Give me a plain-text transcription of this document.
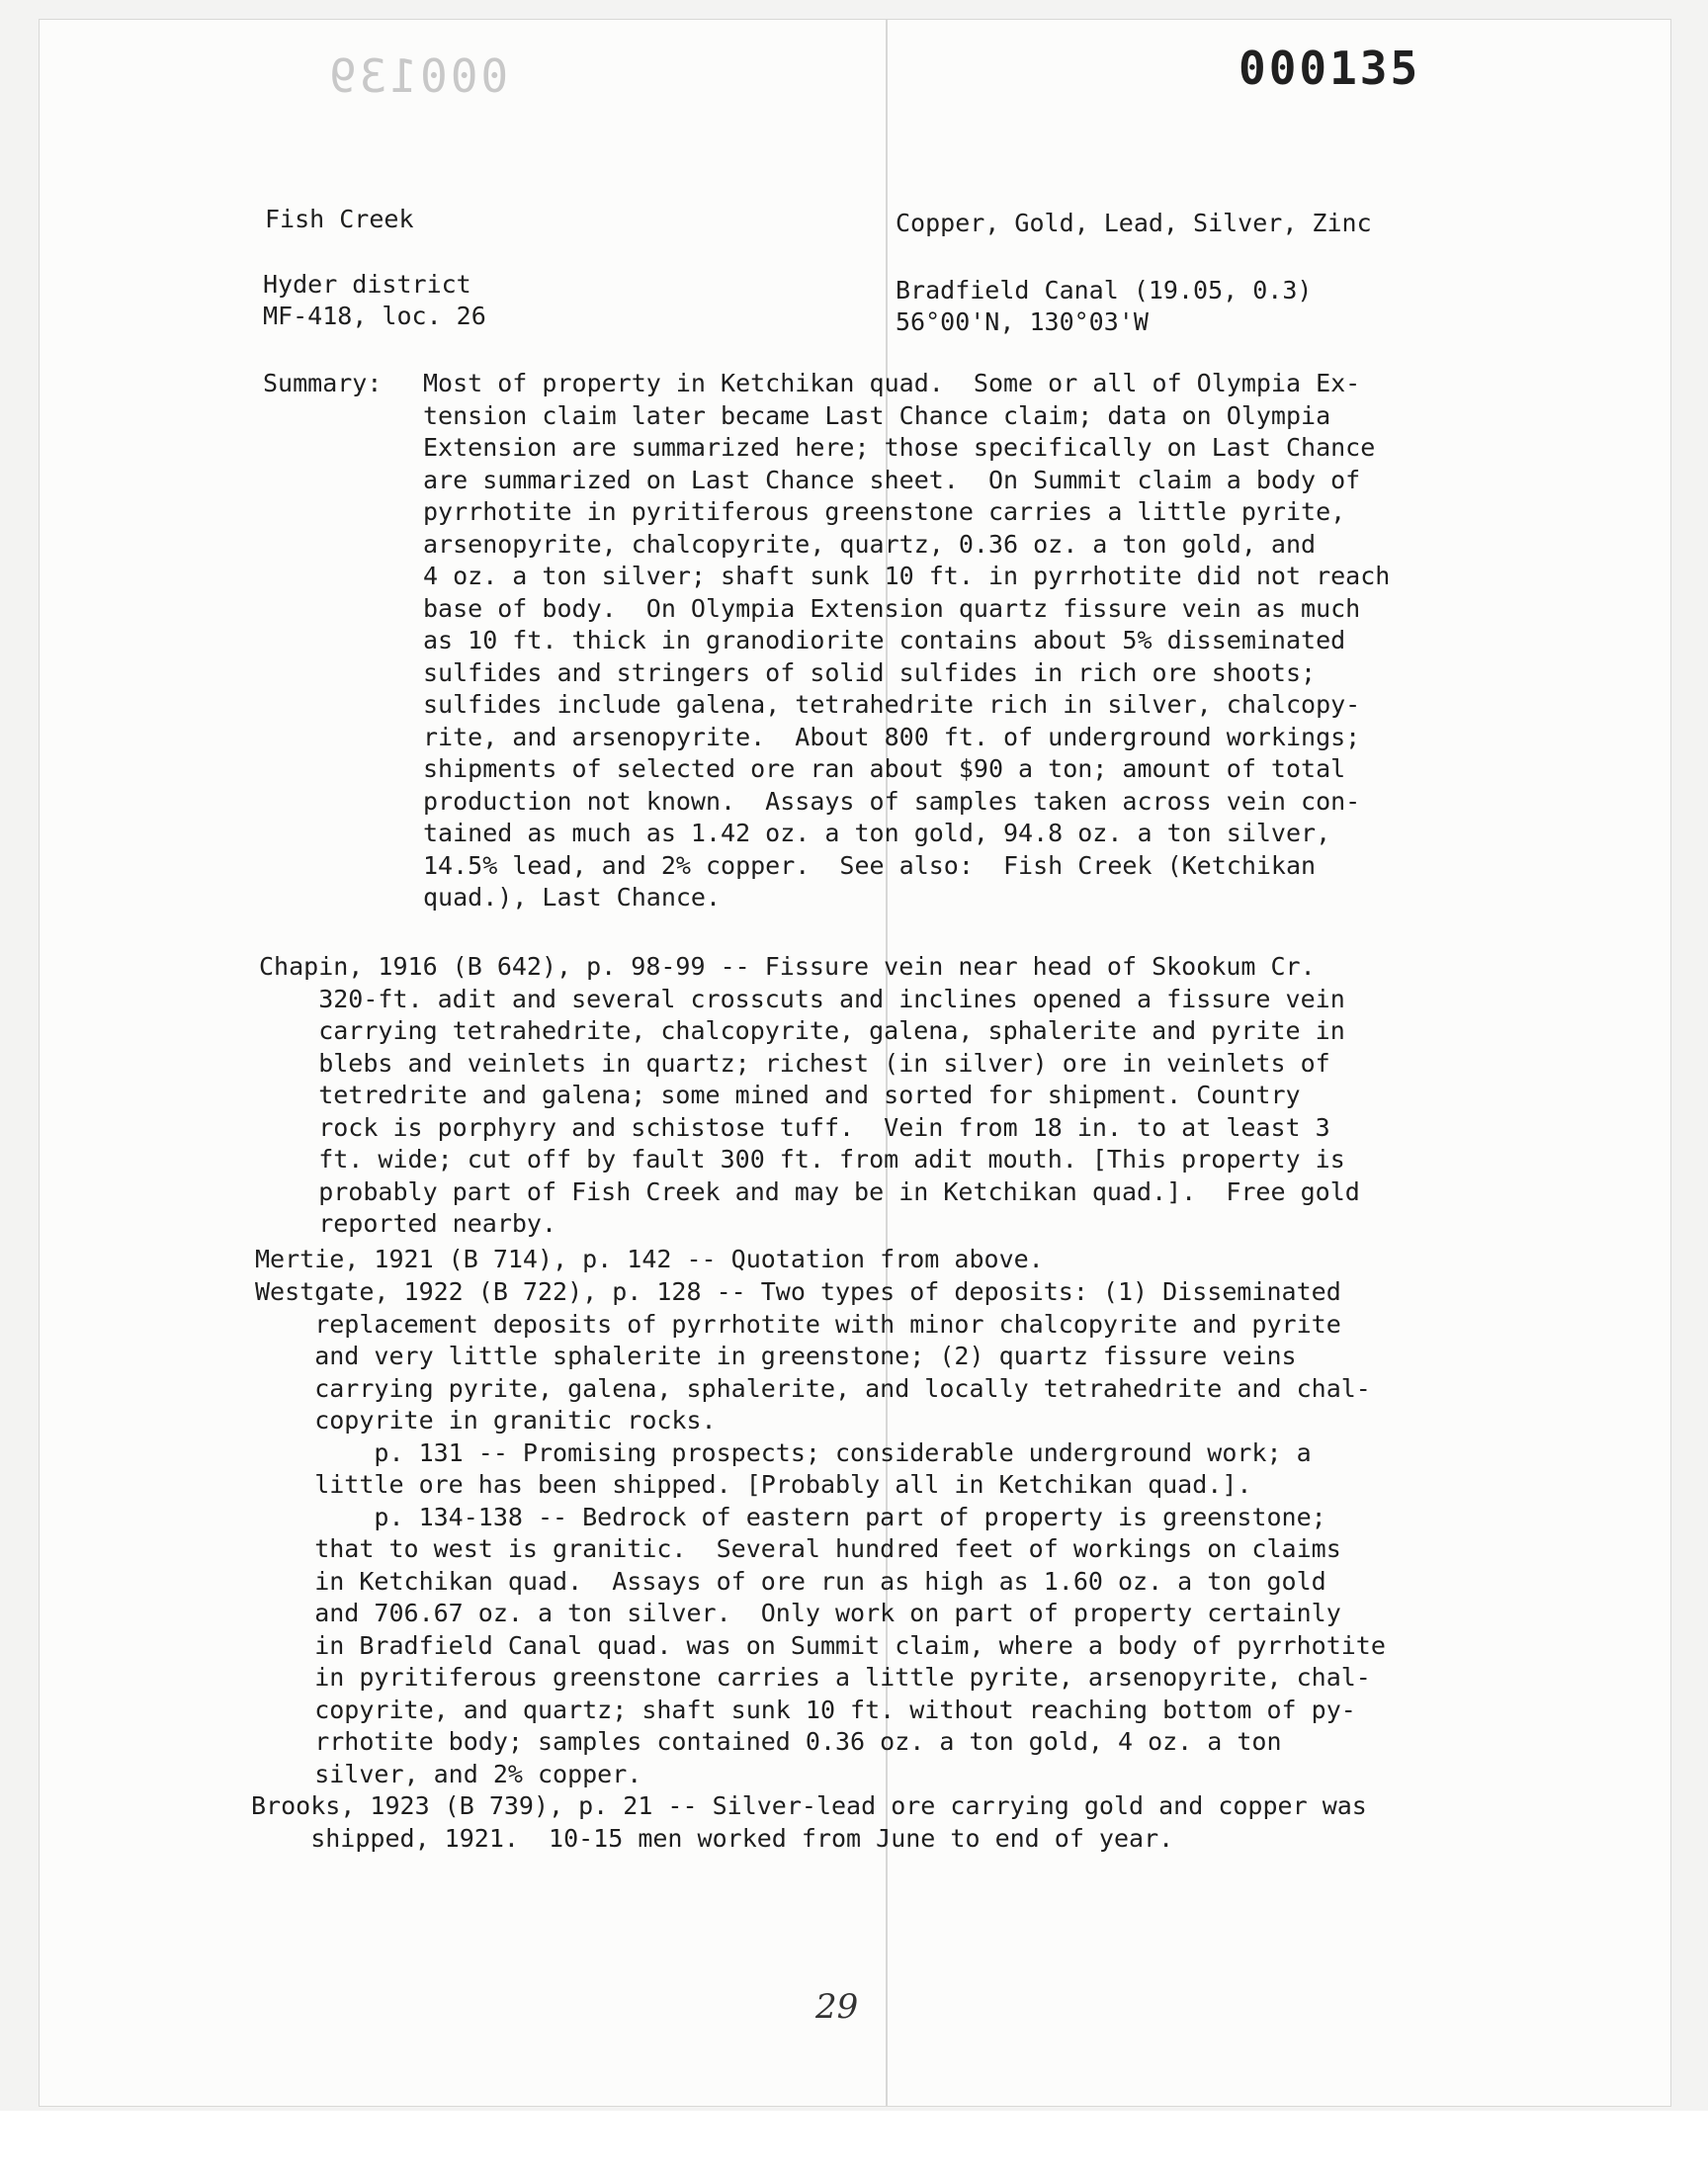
000139	000135
Fish Creek	Copper, Gold, Lead, Silver, Zinc
Hyder district
MF-418, loc. 26
Bradfield Canal (19.05, 0.3)
56°00'N, 130°03'W
Summary: Most of property in Ketchikan quad.  Some or all of Olympia Ex-
tension claim later became Last Chance claim; data on Olympia
Extension are summarized here; those specifically on Last Chance
are summarized on Last Chance sheet.  On Summit claim a body of
pyrrhotite in pyritiferous greenstone carries a little pyrite,
arsenopyrite, chalcopyrite, quartz, 0.36 oz. a ton gold, and
4 oz. a ton silver; shaft sunk 10 ft. in pyrrhotite did not reach
base of body.  On Olympia Extension quartz fissure vein as much
as 10 ft. thick in granodiorite contains about 5% disseminated
sulfides and stringers of solid sulfides in rich ore shoots;
sulfides include galena, tetrahedrite rich in silver, chalcopy-
rite, and arsenopyrite.  About 800 ft. of underground workings;
shipments of selected ore ran about $90 a ton; amount of total
production not known.  Assays of samples taken across vein con-
tained as much as 1.42 oz. a ton gold, 94.8 oz. a ton silver,
14.5% lead, and 2% copper.  See also:  Fish Creek (Ketchikan
quad.), Last Chance.
Chapin, 1916 (B 642), p. 98-99 -- Fissure vein near head of Skookum Cr.
320-ft. adit and several crosscuts and inclines opened a fissure vein
carrying tetrahedrite, chalcopyrite, galena, sphalerite and pyrite in
blebs and veinlets in quartz; richest (in silver) ore in veinlets of
tetredrite and galena; some mined and sorted for shipment. Country
rock is porphyry and schistose tuff.  Vein from 18 in. to at least 3
ft. wide; cut off by fault 300 ft. from adit mouth. [This property is
probably part of Fish Creek and may be in Ketchikan quad.].  Free gold
reported nearby.
Mertie, 1921 (B 714), p. 142 -- Quotation from above.
Westgate, 1922 (B 722), p. 128 -- Two types of deposits: (1) Disseminated
replacement deposits of pyrrhotite with minor chalcopyrite and pyrite
and very little sphalerite in greenstone; (2) quartz fissure veins
carrying pyrite, galena, sphalerite, and locally tetrahedrite and chal-
copyrite in granitic rocks.
p. 131 -- Promising prospects; considerable underground work; a
little ore has been shipped. [Probably all in Ketchikan quad.].
p. 134-138 -- Bedrock of eastern part of property is greenstone;
that to west is granitic.  Several hundred feet of workings on claims
in Ketchikan quad.  Assays of ore run as high as 1.60 oz. a ton gold
and 706.67 oz. a ton silver.  Only work on part of property certainly
in Bradfield Canal quad. was on Summit claim, where a body of pyrrhotite
in pyritiferous greenstone carries a little pyrite, arsenopyrite, chal-
copyrite, and quartz; shaft sunk 10 ft. without reaching bottom of py-
rrhotite body; samples contained 0.36 oz. a ton gold, 4 oz. a ton
silver, and 2% copper.
Brooks, 1923 (B 739), p. 21 -- Silver-lead ore carrying gold and copper was
shipped, 1921.  10-15 men worked from June to end of year.
29
